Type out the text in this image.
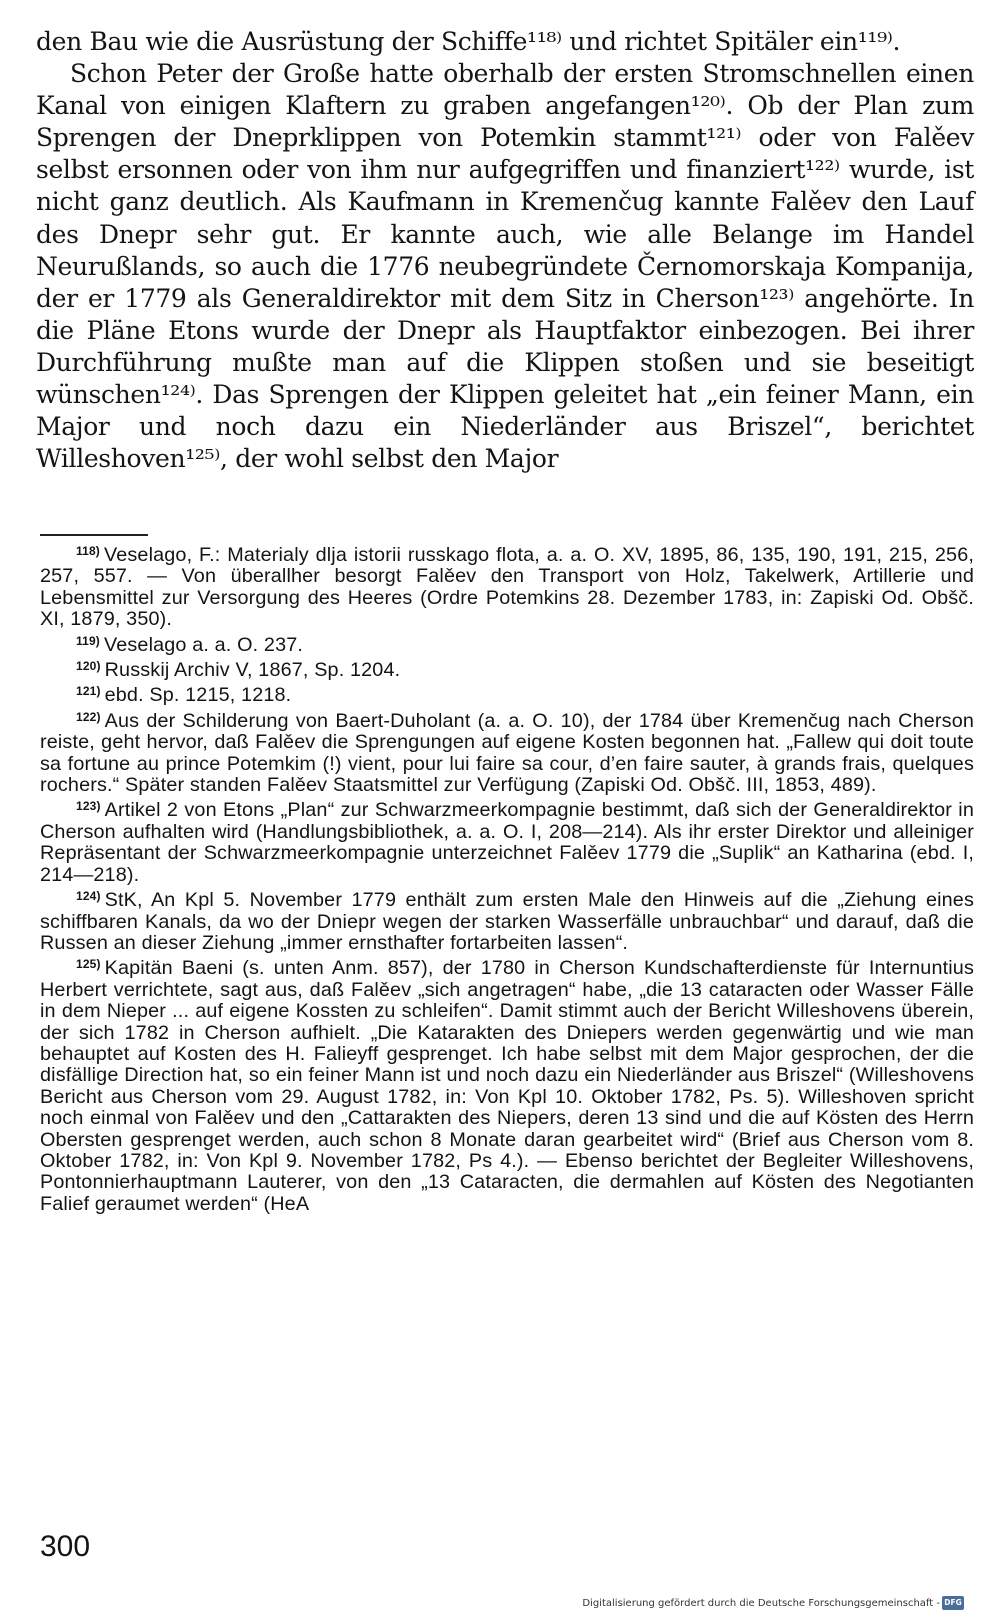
den Bau wie die Ausrüstung der Schiffe¹¹⁸⁾ und richtet Spitäler ein¹¹⁹⁾.

Schon Peter der Große hatte oberhalb der ersten Stromschnellen einen Kanal von einigen Klaftern zu graben angefangen¹²⁰⁾. Ob der Plan zum Sprengen der Dneprklippen von Potemkin stammt¹²¹⁾ oder von Falěev selbst ersonnen oder von ihm nur aufgegriffen und finanziert¹²²⁾ wurde, ist nicht ganz deutlich. Als Kaufmann in Kremenčug kannte Falěev den Lauf des Dnepr sehr gut. Er kannte auch, wie alle Belange im Handel Neurußlands, so auch die 1776 neubegründete Černomorskaja Kompanija, der er 1779 als Generaldirektor mit dem Sitz in Cherson¹²³⁾ angehörte. In die Pläne Etons wurde der Dnepr als Hauptfaktor einbezogen. Bei ihrer Durchführung mußte man auf die Klippen stoßen und sie beseitigt wünschen¹²⁴⁾. Das Sprengen der Klippen geleitet hat „ein feiner Mann, ein Major und noch dazu ein Niederländer aus Briszel“, berichtet Willeshoven¹²⁵⁾, der wohl selbst den Major

$^{118)}$ Veselago, F.: Materialy dlja istorii russkago flota, a. a. O. XV, 1895, 86, 135, 190, 191, 215, 256, 257, 557. — Von überallher besorgt Falěev den Transport von Holz, Takelwerk, Artillerie und Lebensmittel zur Versorgung des Heeres (Ordre Potemkins 28. Dezember 1783, in: Zapiski Od. Obšč. XI, 1879, 350).

$^{119)}$ Veselago a. a. O. 237.

$^{120)}$ Russkij Archiv V, 1867, Sp. 1204.

$^{121)}$ ebd. Sp. 1215, 1218.

$^{122)}$ Aus der Schilderung von Baert-Duholant (a. a. O. 10), der 1784 über Kremenčug nach Cherson reiste, geht hervor, daß Falěev die Sprengungen auf eigene Kosten begonnen hat. „Fallew qui doit toute sa fortune au prince Potemkim (!) vient, pour lui faire sa cour, d’en faire sauter, à grands frais, quelques rochers.“ Später standen Falěev Staatsmittel zur Verfügung (Zapiski Od. Obšč. III, 1853, 489).

$^{123)}$ Artikel 2 von Etons „Plan“ zur Schwarzmeerkompagnie bestimmt, daß sich der Generaldirektor in Cherson aufhalten wird (Handlungsbibliothek, a. a. O. I, 208—214). Als ihr erster Direktor und alleiniger Repräsentant der Schwarzmeerkompagnie unterzeichnet Falěev 1779 die „Suplik“ an Katharina (ebd. I, 214—218).

$^{124)}$ StK, An Kpl 5. November 1779 enthält zum ersten Male den Hinweis auf die „Ziehung eines schiffbaren Kanals, da wo der Dniepr wegen der starken Wasserfälle unbrauchbar“ und darauf, daß die Russen an dieser Ziehung „immer ernsthafter fortarbeiten lassen“.

$^{125)}$ Kapitän Baeni (s. unten Anm. 857), der 1780 in Cherson Kundschafterdienste für Internuntius Herbert verrichtete, sagt aus, daß Falěev „sich angetragen“ habe, „die 13 cataracten oder Wasser Fälle in dem Nieper ... auf eigene Kossten zu schleifen“. Damit stimmt auch der Bericht Willeshovens überein, der sich 1782 in Cherson aufhielt. „Die Katarakten des Dniepers werden gegenwärtig und wie man behauptet auf Kosten des H. Falieyff gesprenget. Ich habe selbst mit dem Major gesprochen, der die disfällige Direction hat, so ein feiner Mann ist und noch dazu ein Niederländer aus Briszel“ (Willeshovens Bericht aus Cherson vom 29. August 1782, in: Von Kpl 10. Oktober 1782, Ps. 5). Willeshoven spricht noch einmal von Falěev und den „Cattarakten des Niepers, deren 13 sind und die auf Kösten des Herrn Obersten gesprenget werden, auch schon 8 Monate daran gearbeitet wird“ (Brief aus Cherson vom 8. Oktober 1782, in: Von Kpl 9. November 1782, Ps 4.). — Ebenso berichtet der Begleiter Willeshovens, Pontonnierhauptmann Lauterer, von den „13 Cataracten, die dermahlen auf Kösten des Negotianten Falief geraumet werden“ (HeA

300
Digitalisierung gefördert durch die Deutsche Forschungsgemeinschaft - DFG
